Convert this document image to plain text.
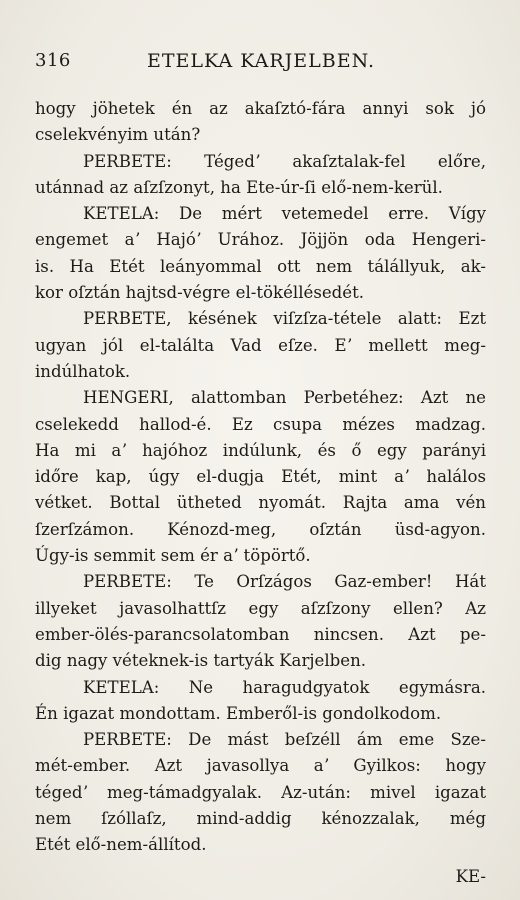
316	ETELKA KARJELBEN.
hogy jöhetek én az akaſztó-fára annyi sok jó
cselekvényim után?
PERBETE: Tégedʼ akaſztalak-fel előre,
utánnad az aſzſzonyt, ha Ete-úr-ſi elő-nem-kerül.
KETELA: De mért vetemedel erre. Vígy
engemet aʼ Hajóʼ Urához. Jöjjön oda Hengeri-
is. Ha Etét leányommal ott nem tálállyuk, ak-
kor oſztán hajtsd-végre el-tökéllésedét.
PERBETE, késének viſzſza-tétele alatt: Ezt
ugyan jól el-találta Vad eſze. Eʼ mellett meg-
indúlhatok.
HENGERI, alattomban Perbetéhez: Azt ne
cselekedd hallod-é. Ez csupa mézes madzag.
Ha mi aʼ hajóhoz indúlunk, és ő egy parányi
időre kap, úgy el-dugja Etét, mint aʼ halálos
vétket. Bottal ütheted nyomát. Rajta ama vén
ſzerſzámon. Kénozd-meg, oſztán üsd-agyon.
Úgy-is semmit sem ér aʼ töpörtő.
PERBETE: Te Orſzágos Gaz-ember! Hát
illyeket javasolhattſz egy aſzſzony ellen? Az
ember-ölés-parancsolatomban nincsen. Azt pe-
dig nagy véteknek-is tartyák Karjelben.
KETELA: Ne haragudgyatok egymásra.
Én igazat mondottam. Emberől-is gondolkodom.
PERBETE: De mást beſzéll ám eme Sze-
mét-ember. Azt javasollya aʼ Gyilkos: hogy
tégedʼ meg-támadgyalak. Az-után: mivel igazat
nem ſzóllaſz, mind-addig kénozzalak, még
Etét elő-nem-állítod.
KE-
